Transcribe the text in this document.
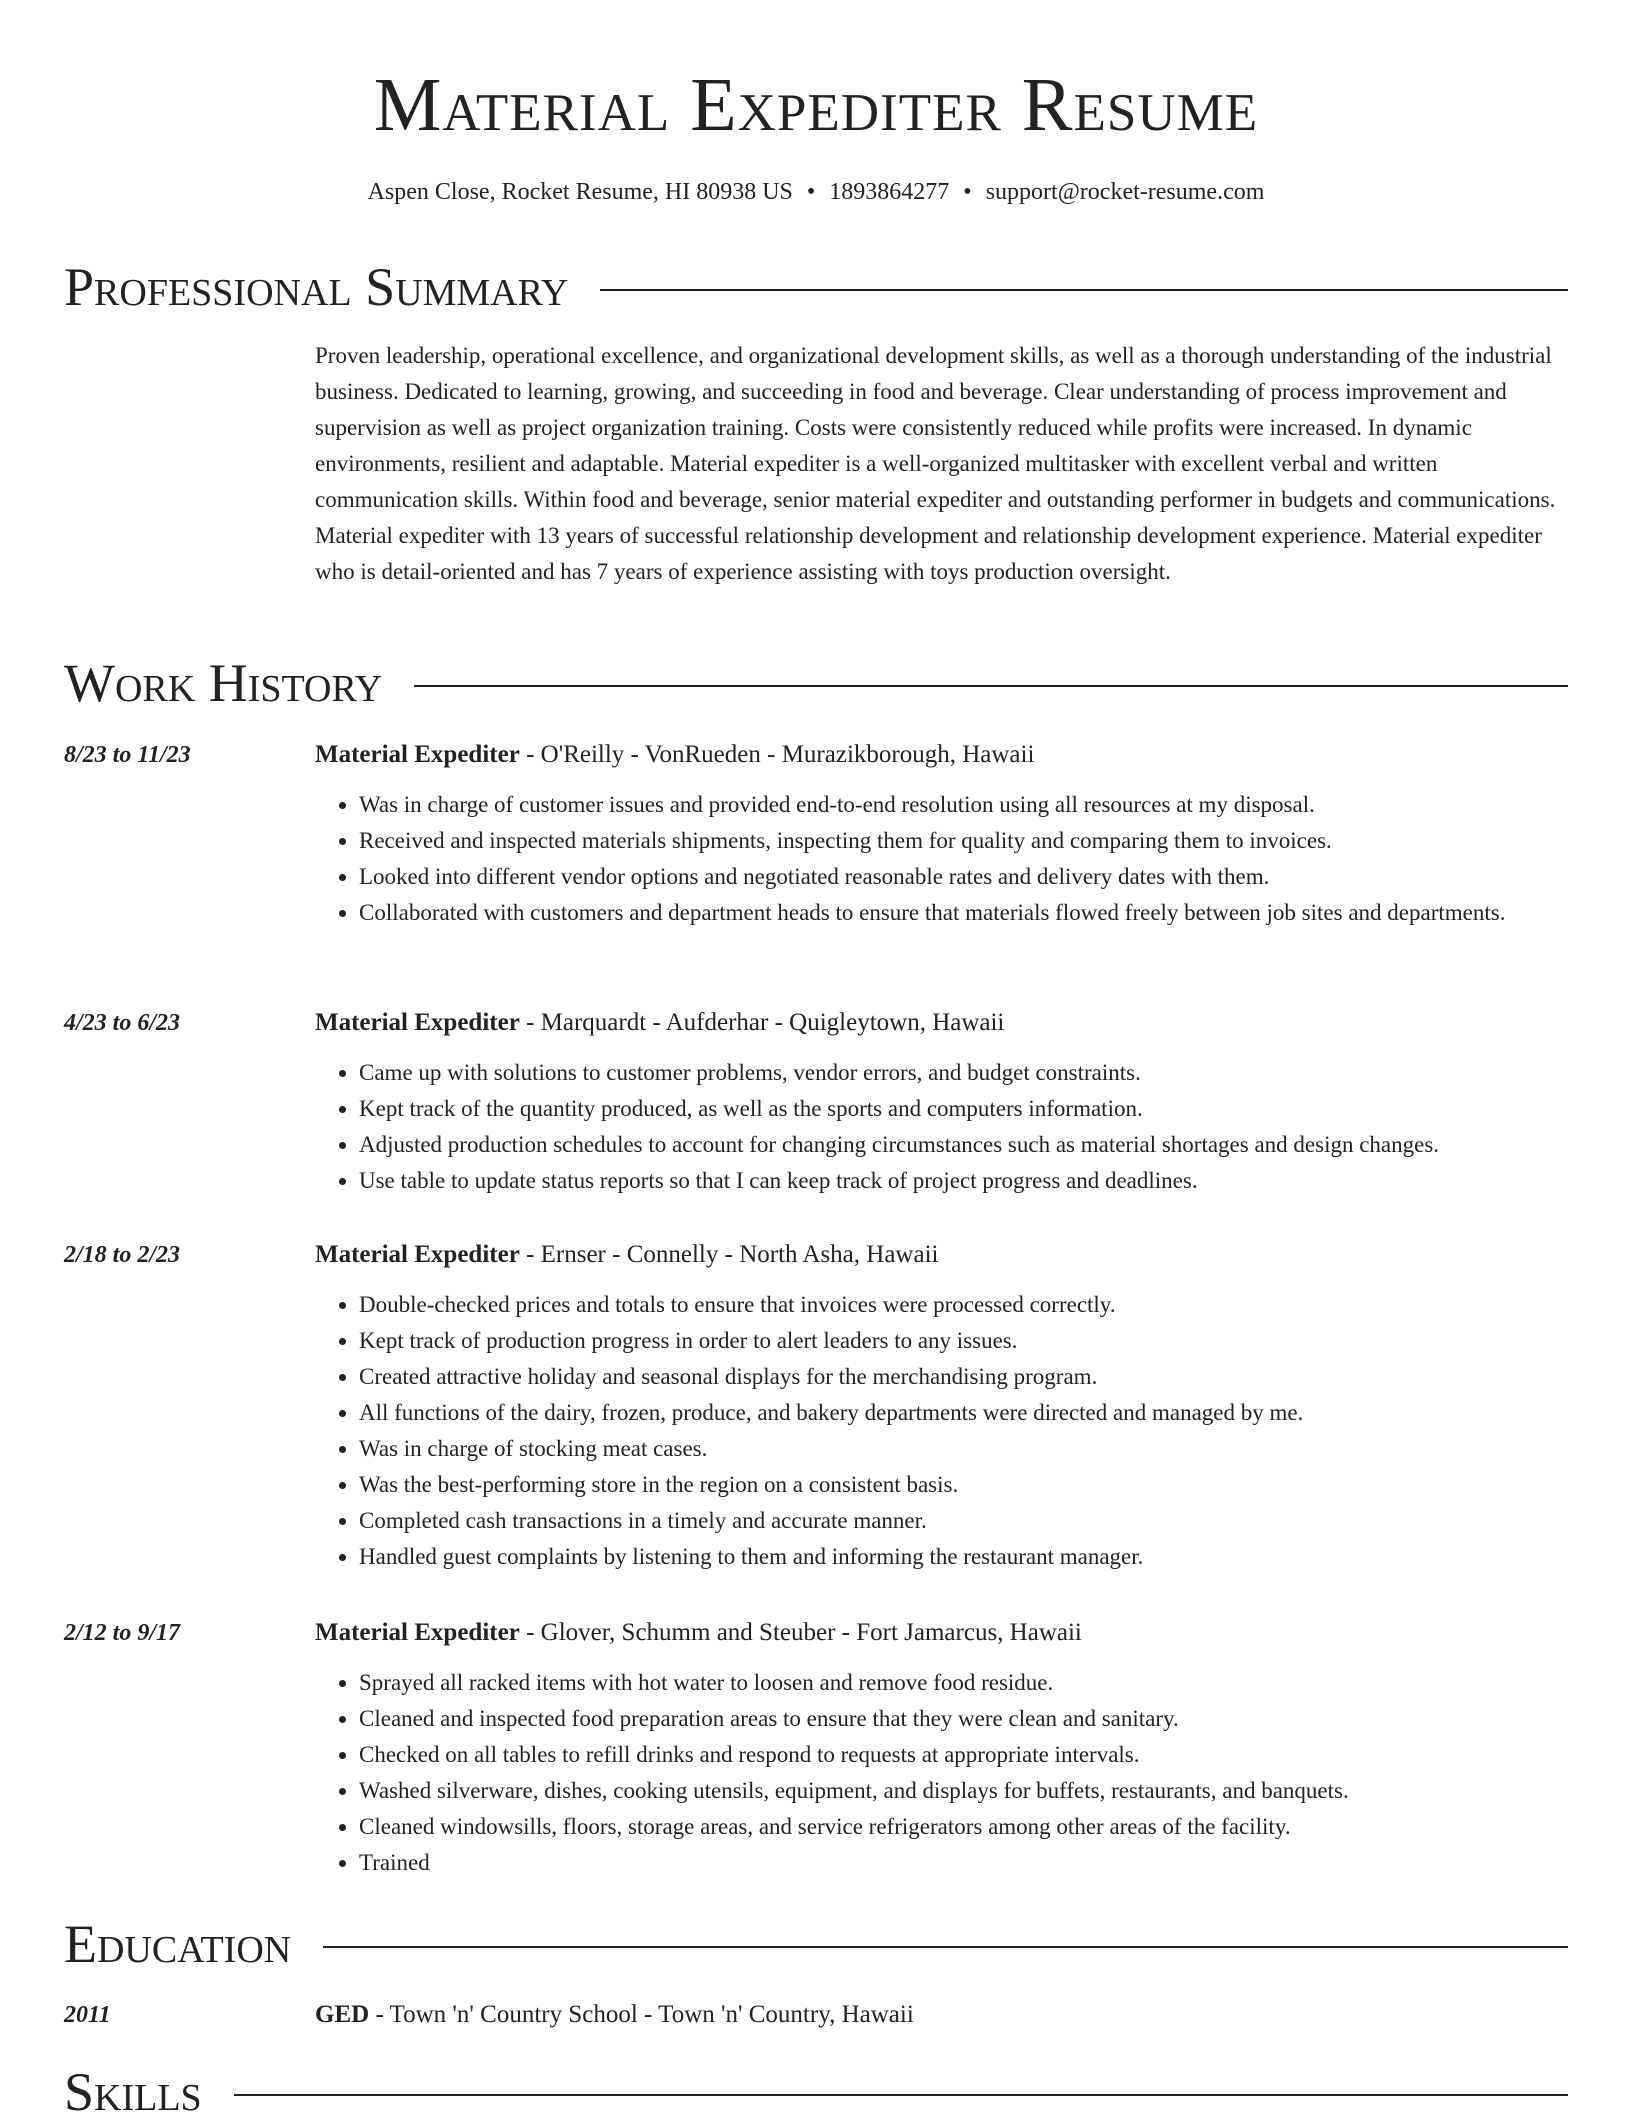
Material Expediter Resume
Aspen Close, Rocket Resume, HI 80938 US • 1893864277 • support@rocket-resume.com
Professional Summary

Proven leadership, operational excellence, and organizational development skills, as well as a thorough understanding of the industrial business. Dedicated to learning, growing, and succeeding in food and beverage. Clear understanding of process improvement and supervision as well as project organization training. Costs were consistently reduced while profits were increased. In dynamic environments, resilient and adaptable. Material expediter is a well-organized multitasker with excellent verbal and written communication skills. Within food and beverage, senior material expediter and outstanding performer in budgets and communications. Material expediter with 13 years of successful relationship development and relationship development experience. Material expediter who is detail-oriented and has 7 years of experience assisting with toys production oversight.

Work History
8/23 to 11/23	Material Expediter - O'Reilly - VonRueden - Murazikborough, Hawaii
• Was in charge of customer issues and provided end-to-end resolution using all resources at my disposal.
• Received and inspected materials shipments, inspecting them for quality and comparing them to invoices.
• Looked into different vendor options and negotiated reasonable rates and delivery dates with them.
• Collaborated with customers and department heads to ensure that materials flowed freely between job sites and departments.
4/23 to 6/23	Material Expediter - Marquardt - Aufderhar - Quigleytown, Hawaii
• Came up with solutions to customer problems, vendor errors, and budget constraints.
• Kept track of the quantity produced, as well as the sports and computers information.
• Adjusted production schedules to account for changing circumstances such as material shortages and design changes.
• Use table to update status reports so that I can keep track of project progress and deadlines.
2/18 to 2/23	Material Expediter - Ernser - Connelly - North Asha, Hawaii
• Double-checked prices and totals to ensure that invoices were processed correctly.
• Kept track of production progress in order to alert leaders to any issues.
• Created attractive holiday and seasonal displays for the merchandising program.
• All functions of the dairy, frozen, produce, and bakery departments were directed and managed by me.
• Was in charge of stocking meat cases.
• Was the best-performing store in the region on a consistent basis.
• Completed cash transactions in a timely and accurate manner.
• Handled guest complaints by listening to them and informing the restaurant manager.
2/12 to 9/17	Material Expediter - Glover, Schumm and Steuber - Fort Jamarcus, Hawaii
• Sprayed all racked items with hot water to loosen and remove food residue.
• Cleaned and inspected food preparation areas to ensure that they were clean and sanitary.
• Checked on all tables to refill drinks and respond to requests at appropriate intervals.
• Washed silverware, dishes, cooking utensils, equipment, and displays for buffets, restaurants, and banquets.
• Cleaned windowsills, floors, storage areas, and service refrigerators among other areas of the facility.
• Trained
Education
2011	GED - Town 'n' Country School - Town 'n' Country, Hawaii
Skills
